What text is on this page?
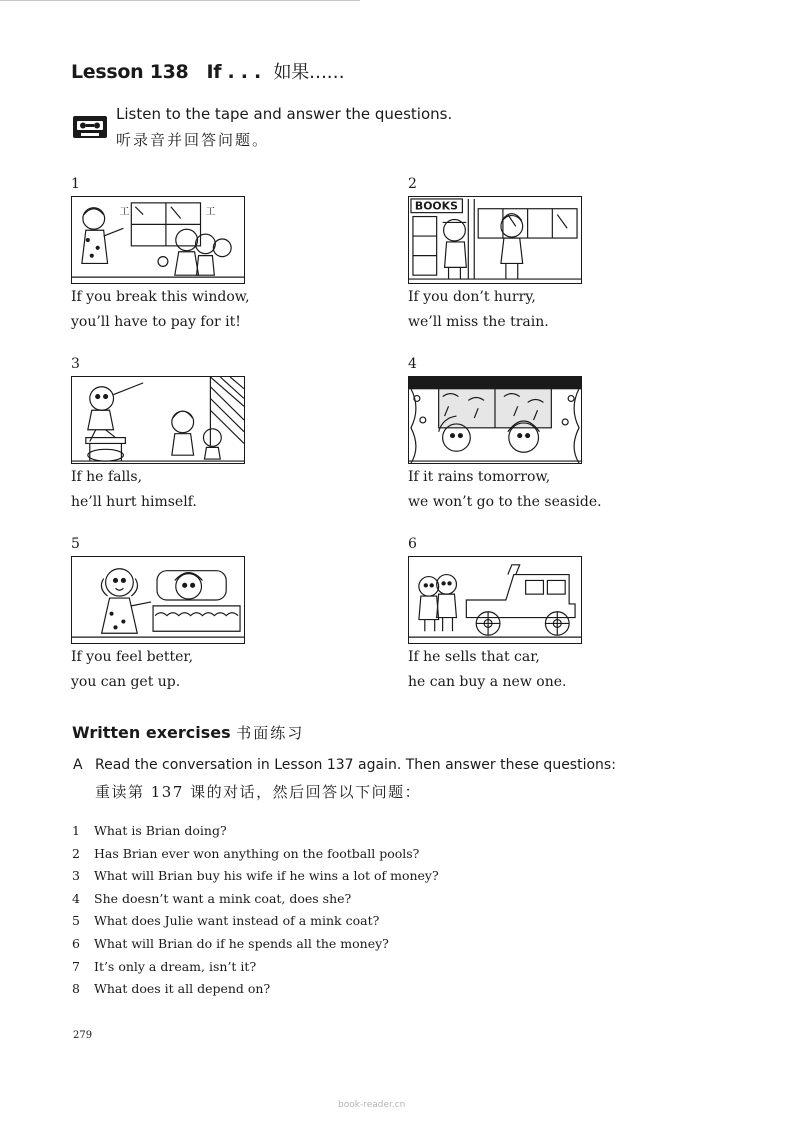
Lesson 138 If . . . 如果……
Listen to the tape and answer the questions.
听录音并回答问题。
1
工	工
If you break this window,
you’ll have to pay for it!
2
BOOKS
If you don’t hurry,
we’ll miss the train.
3
If he falls,
he’ll hurt himself.
4
If it rains tomorrow,
we won’t go to the seaside.
5
If you feel better,
you can get up.
6
If he sells that car,
he can buy a new one.
Written exercises 书面练习
A Read the conversation in Lesson 137 again. Then answer these questions:
重读第 137 课的对话，然后回答以下问题：
1 What is Brian doing?
2 Has Brian ever won anything on the football pools?
3 What will Brian buy his wife if he wins a lot of money?
4 She doesn’t want a mink coat, does she?
5 What does Julie want instead of a mink coat?
6 What will Brian do if he spends all the money?
7 It’s only a dream, isn’t it?
8 What does it all depend on?
279
book-reader.cn
